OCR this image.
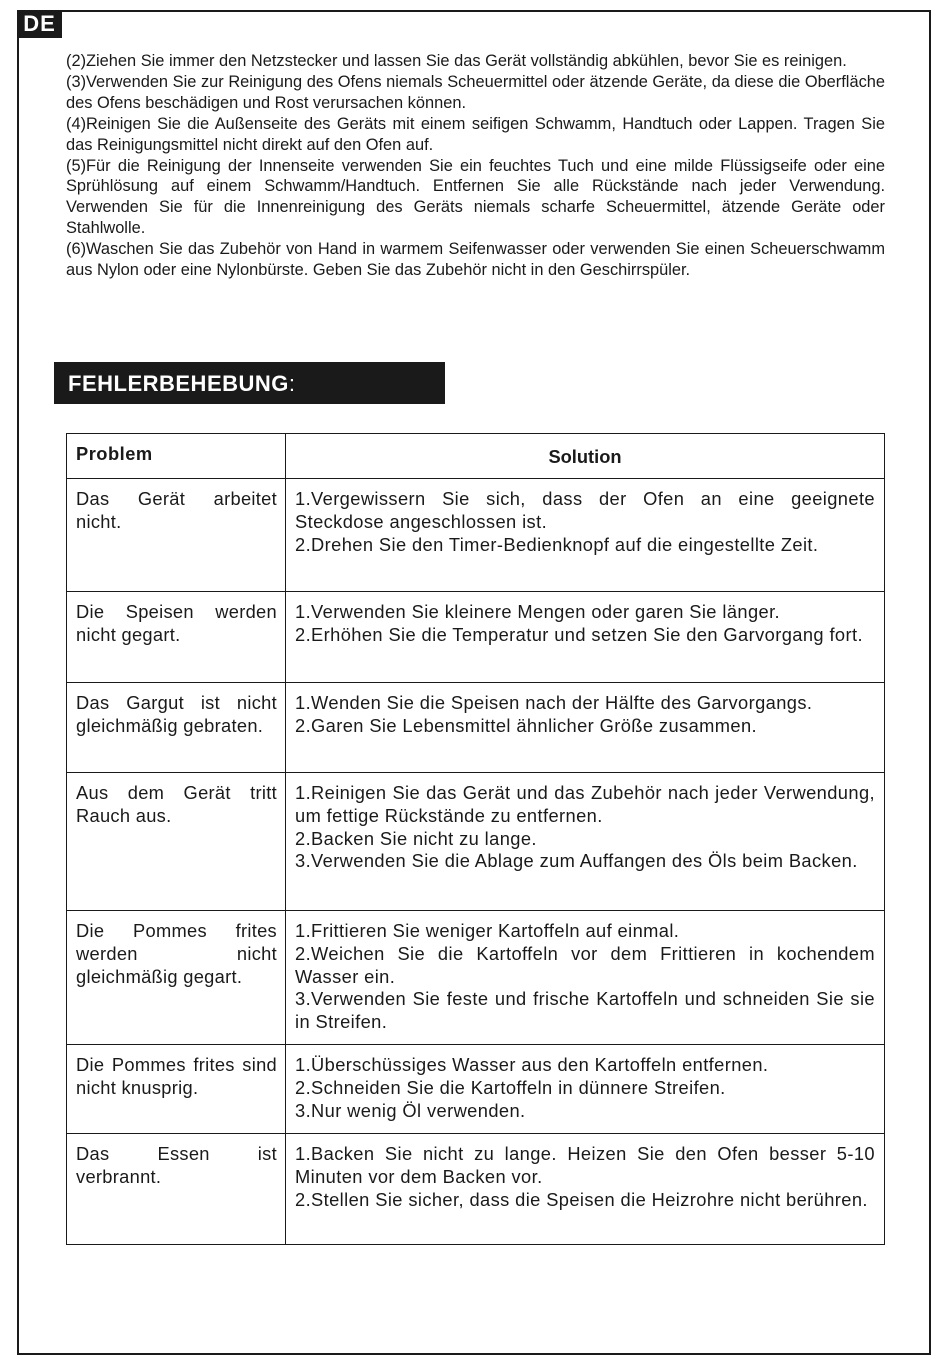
DE

(2)Ziehen Sie immer den Netzstecker und lassen Sie das Gerät vollständig abkühlen, bevor Sie es reinigen.

(3)Verwenden Sie zur Reinigung des Ofens niemals Scheuermittel oder ätzende Geräte, da diese die Oberfläche des Ofens beschädigen und Rost verursachen können.

(4)Reinigen Sie die Außenseite des Geräts mit einem seifigen Schwamm, Handtuch oder Lappen. Tragen Sie das Reinigungsmittel nicht direkt auf den Ofen auf.

(5)Für die Reinigung der Innenseite verwenden Sie ein feuchtes Tuch und eine milde Flüssigseife oder eine Sprühlösung auf einem Schwamm/Handtuch. Entfernen Sie alle Rückstände nach jeder Verwendung. Verwenden Sie für die Innenreinigung des Geräts niemals scharfe Scheuermittel, ätzende Geräte oder Stahlwolle.

(6)Waschen Sie das Zubehör von Hand in warmem Seifenwasser oder verwenden Sie einen Scheuerschwamm aus Nylon oder eine Nylonbürste. Geben Sie das Zubehör nicht in den Geschirrspüler.

FEHLERBEHEBUNG:
Problem	Solution
Das Gerät arbeitet nicht.	1.Vergewissern Sie sich, dass der Ofen an eine geeignete Steckdose angeschlossen ist.
2.Drehen Sie den Timer-Bedienknopf auf die eingestellte Zeit.

Die Speisen werden nicht gegart.	1.Verwenden Sie kleinere Mengen oder garen Sie länger.
2.Erhöhen Sie die Temperatur und setzen Sie den Garvorgang fort.

Das Gargut ist nicht gleichmäßig gebraten.	1.Wenden Sie die Speisen nach der Hälfte des Garvorgangs.
2.Garen Sie Lebensmittel ähnlicher Größe zusammen.

Aus dem Gerät tritt Rauch aus.	1.Reinigen Sie das Gerät und das Zubehör nach jeder Verwendung, um fettige Rückstände zu entfernen.
2.Backen Sie nicht zu lange.
3.Verwenden Sie die Ablage zum Auffangen des Öls beim Backen.

Die Pommes frites werden nicht gleichmäßig gegart.	1.Frittieren Sie weniger Kartoffeln auf einmal.
2.Weichen Sie die Kartoffeln vor dem Frittieren in kochendem Wasser ein.
3.Verwenden Sie feste und frische Kartoffeln und schneiden Sie sie in Streifen.

Die Pommes frites sind nicht knusprig.	1.Überschüssiges Wasser aus den Kartoffeln entfernen.
2.Schneiden Sie die Kartoffeln in dünnere Streifen.
3.Nur wenig Öl verwenden.

Das Essen ist verbrannt.	1.Backen Sie nicht zu lange. Heizen Sie den Ofen besser 5-10 Minuten vor dem Backen vor.
2.Stellen Sie sicher, dass die Speisen die Heizrohre nicht berühren.
